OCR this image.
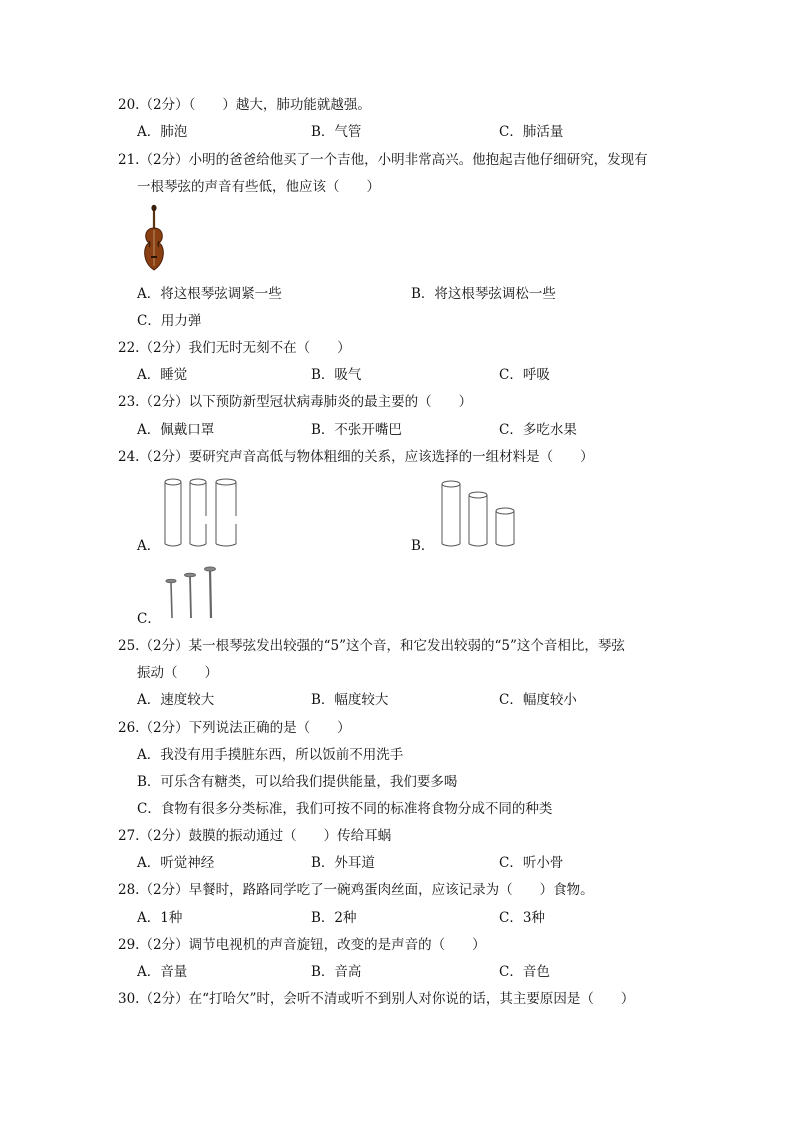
20.（2分）（　　）越大，肺功能就越强。
A．肺泡	B．气管	C．肺活量
21.（2分）小明的爸爸给他买了一个吉他，小明非常高兴。他抱起吉他仔细研究，发现有
一根琴弦的声音有些低，他应该（　　）
A．将这根琴弦调紧一些	B．将这根琴弦调松一些
C．用力弹
22.（2分）我们无时无刻不在（　　）
A．睡觉	B．吸气	C．呼吸
23.（2分）以下预防新型冠状病毒肺炎的最主要的（　　）
A．佩戴口罩	B．不张开嘴巴	C．多吃水果
24.（2分）要研究声音高低与物体粗细的关系，应该选择的一组材料是（　　）
A．	B．
C．
25.（2分）某一根琴弦发出较强的“5”这个音，和它发出较弱的“5”这个音相比，琴弦
振动（　　）
A．速度较大	B．幅度较大	C．幅度较小
26.（2分）下列说法正确的是（　　）
A．我没有用手摸脏东西，所以饭前不用洗手
B．可乐含有糖类，可以给我们提供能量，我们要多喝
C．食物有很多分类标准，我们可按不同的标准将食物分成不同的种类
27.（2分）鼓膜的振动通过（　　）传给耳蜗
A．听觉神经	B．外耳道	C．听小骨
28.（2分）早餐时，路路同学吃了一碗鸡蛋肉丝面，应该记录为（　　）食物。
A．1种	B．2种	C．3种
29.（2分）调节电视机的声音旋钮，改变的是声音的（　　）
A．音量	B．音高	C．音色
30.（2分）在“打哈欠”时，会听不清或听不到别人对你说的话，其主要原因是（　　）
